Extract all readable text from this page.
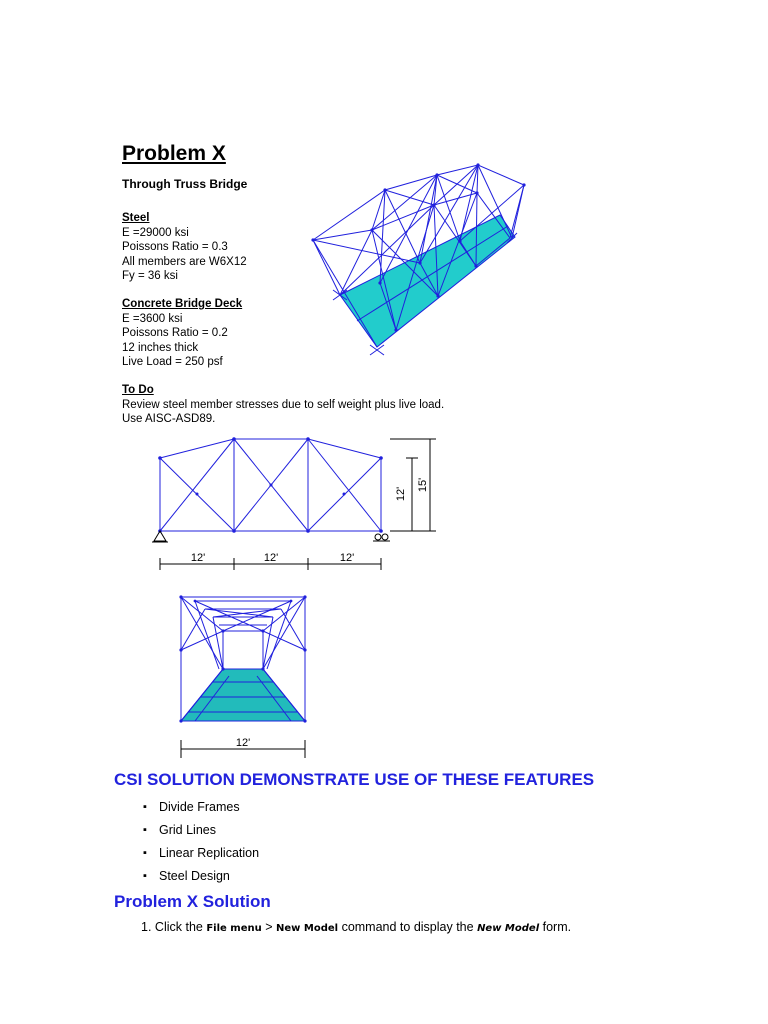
Problem X
Through Truss Bridge
Steel
E =29000 ksi
Poissons Ratio = 0.3
All members are W6X12
Fy = 36 ksi
Concrete Bridge Deck
E =3600 ksi
Poissons Ratio = 0.2
12 inches thick
Live Load = 250 psf
To Do
Review steel member stresses due to self weight plus live load.
Use AISC-ASD89.
12'	12'	12'
12'
15'
12'
CSI SOLUTION DEMONSTRATE USE OF THESE FEATURES
▪ Divide Frames
▪ Grid Lines
▪ Linear Replication
▪ Steel Design
Problem X Solution
1. Click the File menu > New Model command to display the New Model form.
